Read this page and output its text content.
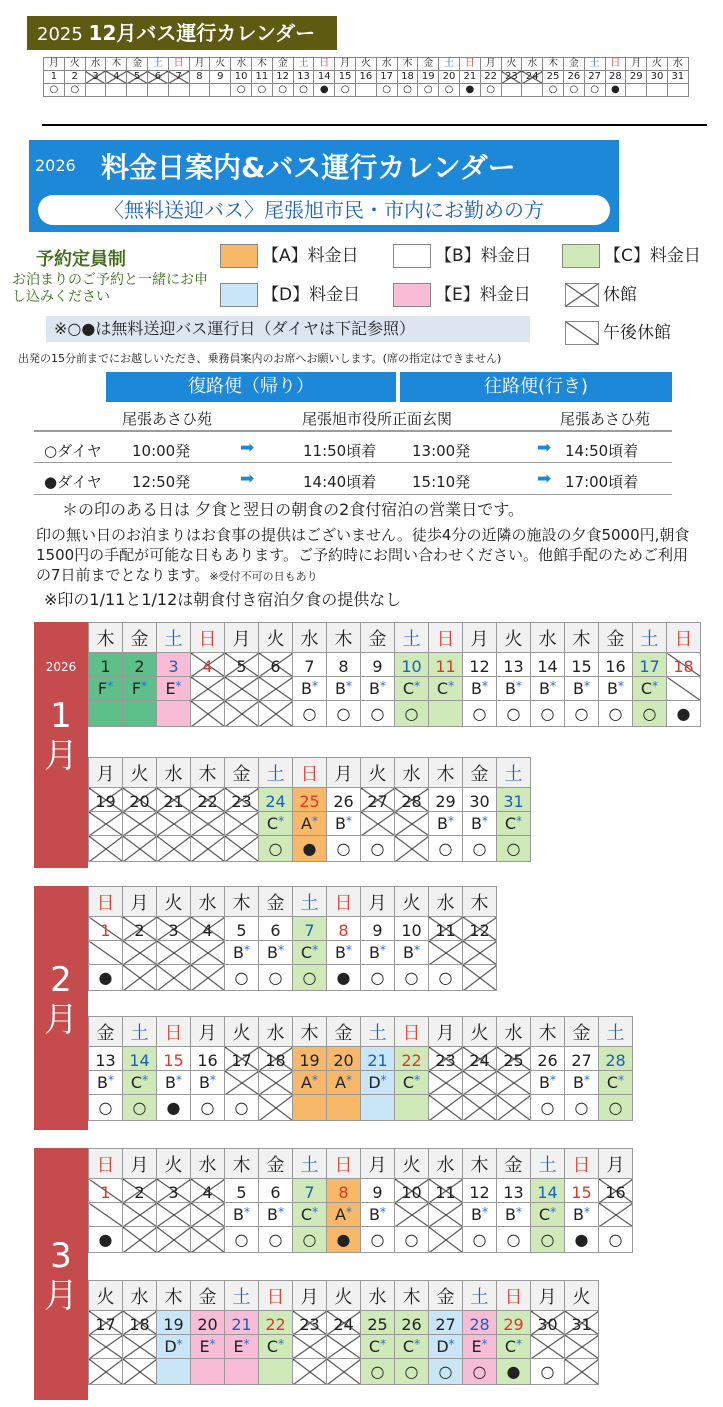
2025 12月バス運行カレンダー
月	火	水	木	金	土	日	月	火	水	木	金	土	日	月	火	水	木	金	土	日	月	火	水	木	金	土	日	月	火	水
1	2	3	4	5	6	7	8	9	10	11	12	13	14	15	16	17	18	19	20	21	22	23	24	25	26	27	28	29	30	31
○	○								○	○	○	○	●	○		○	○	○	○	●	○			○	○	○	●			
2026 料金日案内&バス運行カレンダー
〈無料送迎バス〉尾張旭市民・市内にお勤めの方
予約定員制
お泊まりのご予約と一緒にお申し込みください
【A】料金日	【B】料金日	【C】料金日
【D】料金日	【E】料金日	休館
午後休館
※○●は無料送迎バス運行日（ダイヤは下記参照）
出発の15分前までにお越しいただき、乗務員案内のお席へお願いします。(席の指定はできません)
復路便（帰り）	往路便(行き)
尾張あさひ苑	尾張旭市役所正面玄関	尾張あさひ苑
○ダイヤ 10:00発	➡	11:50頃着 13:00発	➡ 14:50頃着
●ダイヤ 12:50発	➡	14:40頃着 15:10発	➡ 17:00頃着
＊の印のある日は 夕食と翌日の朝食の2食付宿泊の営業日です。
印の無い日のお泊まりはお食事の提供はございません。徒歩4分の近隣の施設の夕食5000円,朝食1500円の手配が可能な日もあります。ご予約時にお問い合わせください。他館手配のためご利用の7日前までとなります。※受付不可の日もあり
※印の1/11と1/12は朝食付き宿泊夕食の提供なし
2026
1
月
2
月
3
月
木	金	土	日	月	火	水	木	金	土	日	月	火	水	木	金	土	日
1	2	3	4	5	6	7	8	9	10	11	12	13	14	15	16	17	18
F*	F*	E*				B*	B*	B*	C*	C*	B*	B*	B*	B*	B*	C*	
						○	○	○	○		○	○	○	○	○	○	●
月	火	水	木	金	土	日	月	火	水	木	金	土
19	20	21	22	23	24	25	26	27	28	29	30	31
					C*	A*	B*			B*	B*	C*
					○	●	○	○		○	○	○
日	月	火	水	木	金	土	日	月	火	水	木
1	2	3	4	5	6	7	8	9	10	11	12
				B*	B*	C*	B*	B*	B*		
●				○	○	○	●	○	○	○	
金	土	日	月	火	水	木	金	土	日	月	火	水	木	金	土
13	14	15	16	17	18	19	20	21	22	23	24	25	26	27	28
B*	C*	B*	B*			A*	A*	D*	C*				B*	B*	C*
○	○	●	○	○									○	○	○
日	月	火	水	木	金	土	日	月	火	水	木	金	土	日	月
1	2	3	4	5	6	7	8	9	10	11	12	13	14	15	16
				B*	B*	C*	A*	B*			B*	B*	C*	B*	
●				○	○	○	●	○	○		○	○	○	●	○
火	水	木	金	土	日	月	火	水	木	金	土	日	月	火
17	18	19	20	21	22	23	24	25	26	27	28	29	30	31
		D*	E*	E*	C*			C*	C*	D*	E*	C*		
								○	○	○	○	●	○	
